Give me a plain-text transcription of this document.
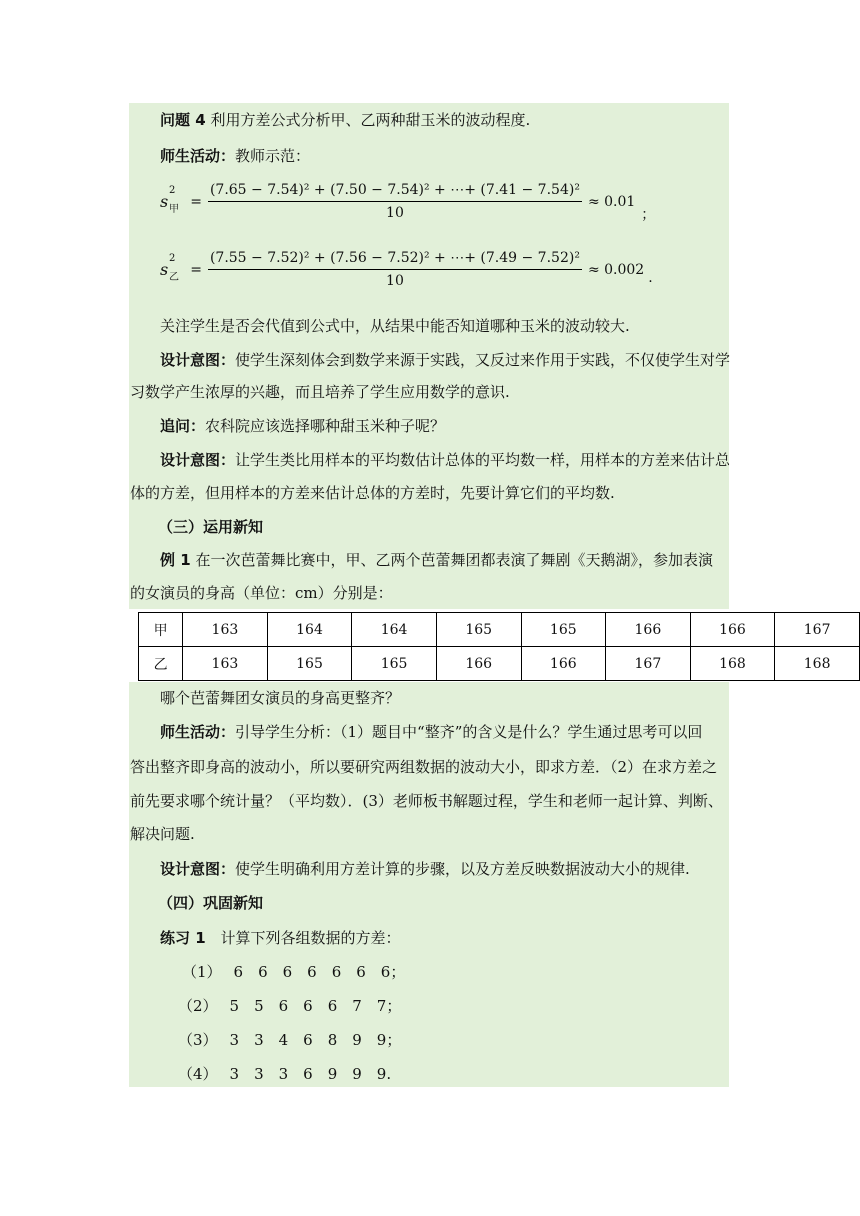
问题 4 利用方差公式分析甲、乙两种甜玉米的波动程度.
师生活动：教师示范：
s
2
甲 = $\frac{\text{(7.65 − 7.54)² + (7.50 − 7.54)² + ⋯+ (7.41 − 7.54)²}}{10} \approx 0.01$
；
s
2
乙 = $\frac{\text{(7.55 − 7.52)² + (7.56 − 7.52)² + ⋯+ (7.49 − 7.52)²}}{10} \approx 0.002$ .
关注学生是否会代值到公式中，从结果中能否知道哪种玉米的波动较大.
设计意图：使学生深刻体会到数学来源于实践，又反过来作用于实践，不仅使学生对学
习数学产生浓厚的兴趣，而且培养了学生应用数学的意识.
追问：农科院应该选择哪种甜玉米种子呢？
设计意图：让学生类比用样本的平均数估计总体的平均数一样，用样本的方差来估计总
体的方差，但用样本的方差来估计总体的方差时，先要计算它们的平均数.
（三）运用新知
例 1 在一次芭蕾舞比赛中，甲、乙两个芭蕾舞团都表演了舞剧《天鹅湖》，参加表演
的女演员的身高（单位：cm）分别是：
甲	163	164	164	165	165	166	166	167
乙	163	165	165	166	166	167	168	168
哪个芭蕾舞团女演员的身高更整齐？
师生活动：引导学生分析：（1）题目中“整齐”的含义是什么？学生通过思考可以回
答出整齐即身高的波动小，所以要研究两组数据的波动大小，即求方差．（2）在求方差之
前先要求哪个统计量？（平均数）．(3）老师板书解题过程，学生和老师一起计算、判断、
解决问题.
设计意图：使学生明确利用方差计算的步骤，以及方差反映数据波动大小的规律.
（四）巩固新知
练习 1 计算下列各组数据的方差：
（1） 6　6　6　6　6　6　6；
（2） 5　5　6　6　6　7　7；
（3） 3　3　4　6　8　9　9；
（4） 3　3　3　6　9　9　9.
